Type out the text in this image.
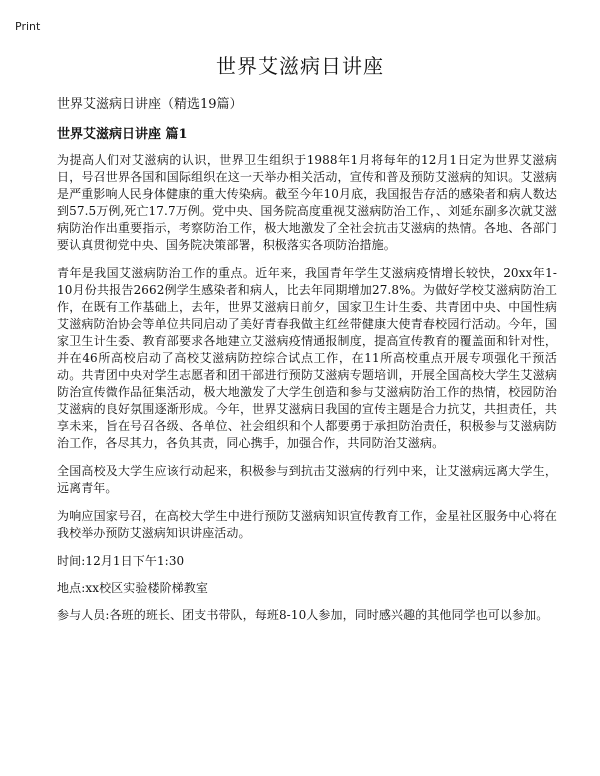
Print
世界艾滋病日讲座

世界艾滋病日讲座（精选19篇）

世界艾滋病日讲座 篇1

为提高人们对艾滋病的认识，世界卫生组织于1988年1月将每年的12月1日定为世界艾滋病日，号召世界各国和国际组织在这一天举办相关活动，宣传和普及预防艾滋病的知识。艾滋病是严重影响人民身体健康的重大传染病。截至今年10月底，我国报告存活的感染者和病人数达到57.5万例,死亡17.7万例。党中央、国务院高度重视艾滋病防治工作，、刘延东副多次就艾滋病防治作出重要指示，考察防治工作，极大地激发了全社会抗击艾滋病的热情。各地、各部门要认真贯彻党中央、国务院决策部署，积极落实各项防治措施。

青年是我国艾滋病防治工作的重点。近年来，我国青年学生艾滋病疫情增长较快，20xx年1-10月份共报告2662例学生感染者和病人，比去年同期增加27.8%。为做好学校艾滋病防治工作，在既有工作基础上，去年，世界艾滋病日前夕，国家卫生计生委、共青团中央、中国性病艾滋病防治协会等单位共同启动了美好青春我做主红丝带健康大使青春校园行活动。今年，国家卫生计生委、教育部要求各地建立艾滋病疫情通报制度，提高宣传教育的覆盖面和针对性，并在46所高校启动了高校艾滋病防控综合试点工作，在11所高校重点开展专项强化干预活动。共青团中央对学生志愿者和团干部进行预防艾滋病专题培训，开展全国高校大学生艾滋病防治宣传微作品征集活动，极大地激发了大学生创造和参与艾滋病防治工作的热情，校园防治艾滋病的良好氛围逐渐形成。今年，世界艾滋病日我国的宣传主题是合力抗艾，共担责任，共享未来，旨在号召各级、各单位、社会组织和个人都要勇于承担防治责任，积极参与艾滋病防治工作，各尽其力，各负其责，同心携手，加强合作，共同防治艾滋病。

全国高校及大学生应该行动起来，积极参与到抗击艾滋病的行列中来，让艾滋病远离大学生，远离青年。

为响应国家号召，在高校大学生中进行预防艾滋病知识宣传教育工作，金星社区服务中心将在我校举办预防艾滋病知识讲座活动。

时间:12月1日下午1:30

地点:xx校区实验楼阶梯教室

参与人员:各班的班长、团支书带队，每班8-10人参加，同时感兴趣的其他同学也可以参加。
